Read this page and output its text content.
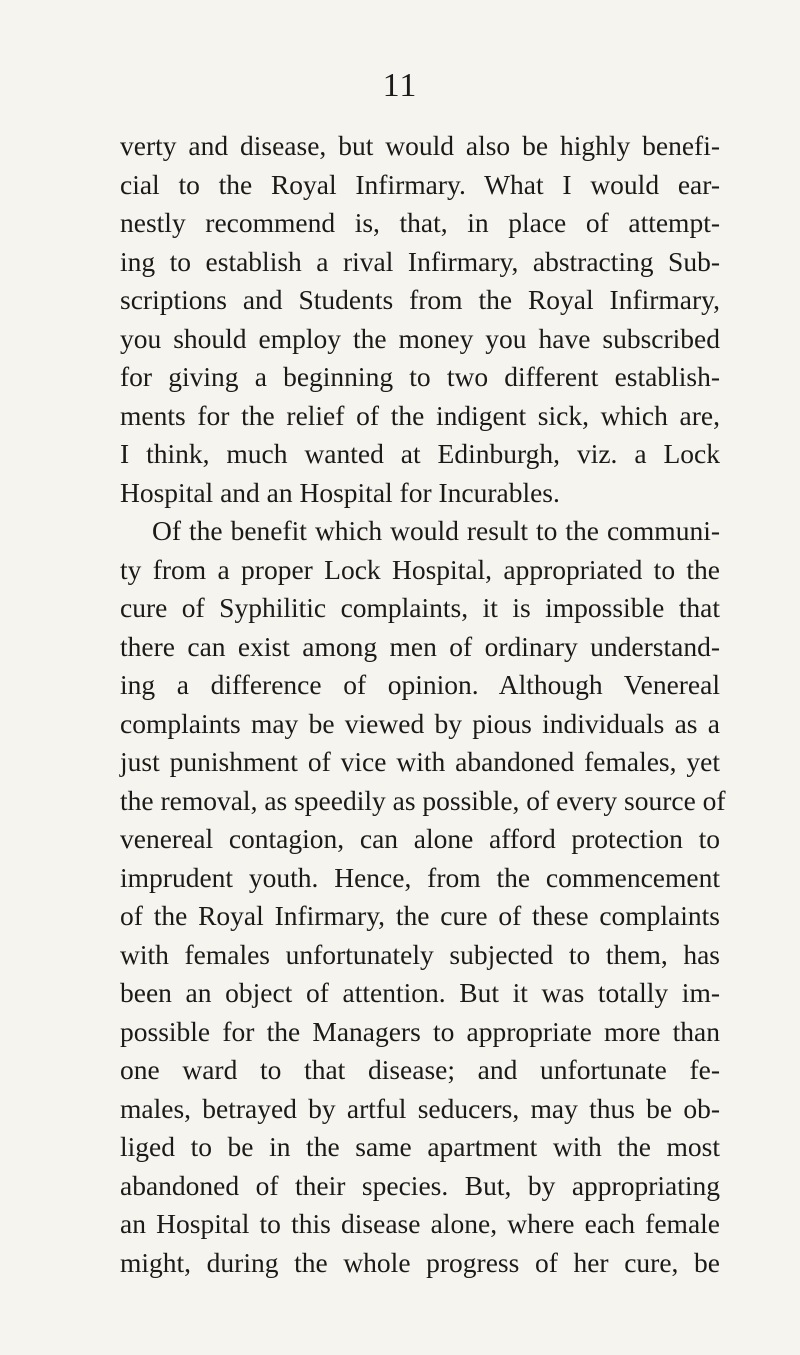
11
verty and disease, but would also be highly benefi-
cial to the Royal Infirmary. What I would ear-
nestly recommend is, that, in place of attempt-
ing to establish a rival Infirmary, abstracting Sub-
scriptions and Students from the Royal Infirmary,
you should employ the money you have subscribed
for giving a beginning to two different establish-
ments for the relief of the indigent sick, which are,
I think, much wanted at Edinburgh, viz. a Lock
Hospital and an Hospital for Incurables.
Of the benefit which would result to the communi-
ty from a proper Lock Hospital, appropriated to the
cure of Syphilitic complaints, it is impossible that
there can exist among men of ordinary understand-
ing a difference of opinion. Although Venereal
complaints may be viewed by pious individuals as a
just punishment of vice with abandoned females, yet
the removal, as speedily as possible, of every source of
venereal contagion, can alone afford protection to
imprudent youth. Hence, from the commencement
of the Royal Infirmary, the cure of these complaints
with females unfortunately subjected to them, has
been an object of attention. But it was totally im-
possible for the Managers to appropriate more than
one ward to that disease; and unfortunate fe-
males, betrayed by artful seducers, may thus be ob-
liged to be in the same apartment with the most
abandoned of their species. But, by appropriating
an Hospital to this disease alone, where each female
might, during the whole progress of her cure, be
